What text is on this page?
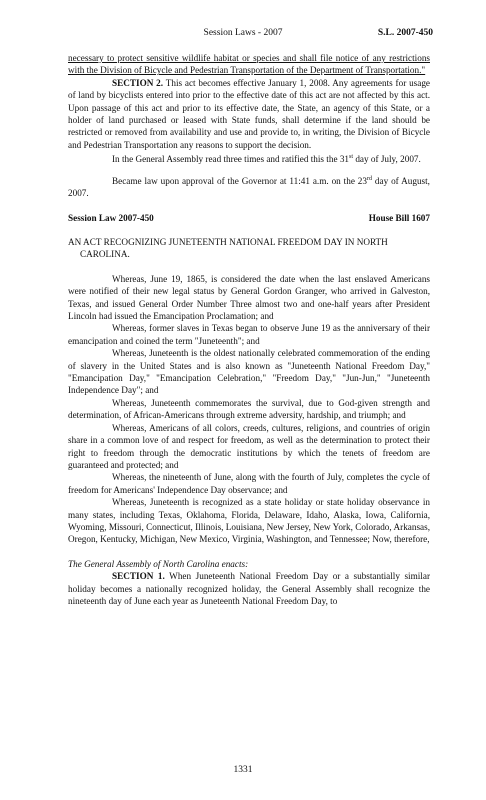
Session Laws - 2007	S.L. 2007-450

necessary to protect sensitive wildlife habitat or species and shall file notice of any restrictions with the Division of Bicycle and Pedestrian Transportation of the Department of Transportation."

SECTION 2. This act becomes effective January 1, 2008. Any agreements for usage of land by bicyclists entered into prior to the effective date of this act are not affected by this act. Upon passage of this act and prior to its effective date, the State, an agency of this State, or a holder of land purchased or leased with State funds, shall determine if the land should be restricted or removed from availability and use and provide to, in writing, the Division of Bicycle and Pedestrian Transportation any reasons to support the decision.

In the General Assembly read three times and ratified this the 31st day of July, 2007.

Became law upon approval of the Governor at 11:41 a.m. on the 23rd day of August, 2007.

Session Law 2007-450	House Bill 1607

AN ACT RECOGNIZING JUNETEENTH NATIONAL FREEDOM DAY IN NORTH CAROLINA.

Whereas, June 19, 1865, is considered the date when the last enslaved Americans were notified of their new legal status by General Gordon Granger, who arrived in Galveston, Texas, and issued General Order Number Three almost two and one-half years after President Lincoln had issued the Emancipation Proclamation; and

Whereas, former slaves in Texas began to observe June 19 as the anniversary of their emancipation and coined the term "Juneteenth"; and

Whereas, Juneteenth is the oldest nationally celebrated commemoration of the ending of slavery in the United States and is also known as "Juneteenth National Freedom Day," "Emancipation Day," "Emancipation Celebration," "Freedom Day," "Jun-Jun," "Juneteenth Independence Day"; and

Whereas, Juneteenth commemorates the survival, due to God-given strength and determination, of African-Americans through extreme adversity, hardship, and triumph; and

Whereas, Americans of all colors, creeds, cultures, religions, and countries of origin share in a common love of and respect for freedom, as well as the determination to protect their right to freedom through the democratic institutions by which the tenets of freedom are guaranteed and protected; and

Whereas, the nineteenth of June, along with the fourth of July, completes the cycle of freedom for Americans' Independence Day observance; and

Whereas, Juneteenth is recognized as a state holiday or state holiday observance in many states, including Texas, Oklahoma, Florida, Delaware, Idaho, Alaska, Iowa, California, Wyoming, Missouri, Connecticut, Illinois, Louisiana, New Jersey, New York, Colorado, Arkansas, Oregon, Kentucky, Michigan, New Mexico, Virginia, Washington, and Tennessee; Now, therefore,

The General Assembly of North Carolina enacts:

SECTION 1. When Juneteenth National Freedom Day or a substantially similar holiday becomes a nationally recognized holiday, the General Assembly shall recognize the nineteenth day of June each year as Juneteenth National Freedom Day, to

1331
